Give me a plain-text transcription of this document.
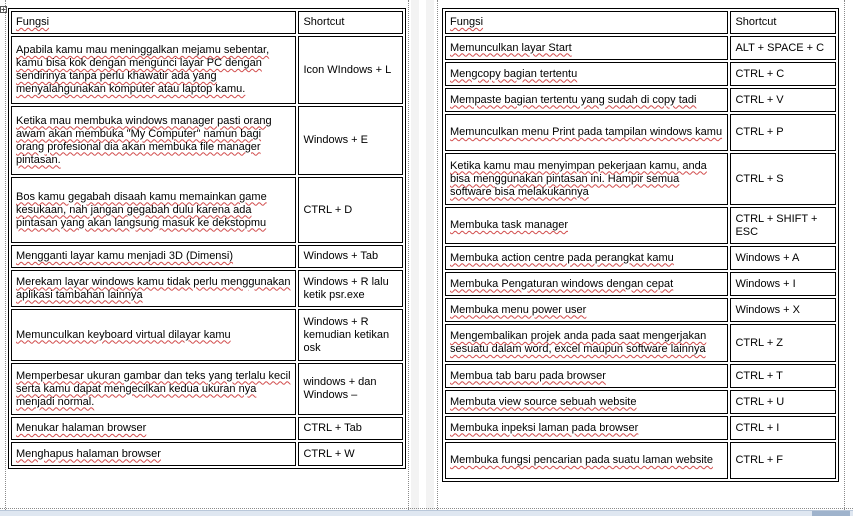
Fungsi	Shortcut
Apabila kamu mau meninggalkan mejamu sebentar, kamu bisa kok dengan mengunci layar PC dengan sendirinya tanpa perlu khawatir ada yang menyalahgunakan komputer atau laptop kamu.	Icon WIndows + L
Ketika mau membuka windows manager pasti orang awam akan membuka "My Computer" namun bagi orang profesional dia akan membuka file manager pintasan.	Windows + E
Bos kamu gegabah disaah kamu memainkan game kesukaan, nah jangan gegabah dulu karena ada pintasan yang akan langsung masuk ke dekstopmu	CTRL + D
Mengganti layar kamu menjadi 3D (Dimensi)	Windows + Tab
Merekam layar windows kamu tidak perlu menggunakan aplikasi tambahan lainnya	Windows + R lalu ketik psr.exe
Memunculkan keyboard virtual dilayar kamu	Windows + R kemudian ketikan osk
Memperbesar ukuran gambar dan teks yang terlalu kecil serta kamu dapat mengecilkan kedua ukuran nya menjadi normal.	windows + dan Windows –
Menukar halaman browser	CTRL + Tab
Menghapus halaman browser	CTRL + W
Fungsi	Shortcut
Memunculkan layar Start	ALT + SPACE + C
Mengcopy bagian tertentu	CTRL + C
Mempaste bagian tertentu yang sudah di copy tadi	CTRL + V
Memunculkan menu Print pada tampilan windows kamu	CTRL + P
Ketika kamu mau menyimpan pekerjaan kamu, anda bisa menggunakan pintasan ini. Hampir semua software bisa melakukannya	CTRL + S
Membuka task manager	CTRL + SHIFT + ESC
Membuka action centre pada perangkat kamu	Windows + A
Membuka Pengaturan windows dengan cepat	Windows + I
Membuka menu power user	Windows + X
Mengembalikan projek anda pada saat mengerjakan sesuatu dalam word, excel maupun software lainnya	CTRL + Z
Membua tab baru pada browser	CTRL + T
Membuta view source sebuah website	CTRL + U
Membuka inpeksi laman pada browser	CTRL + I
Membuka fungsi pencarian pada suatu laman website	CTRL + F
